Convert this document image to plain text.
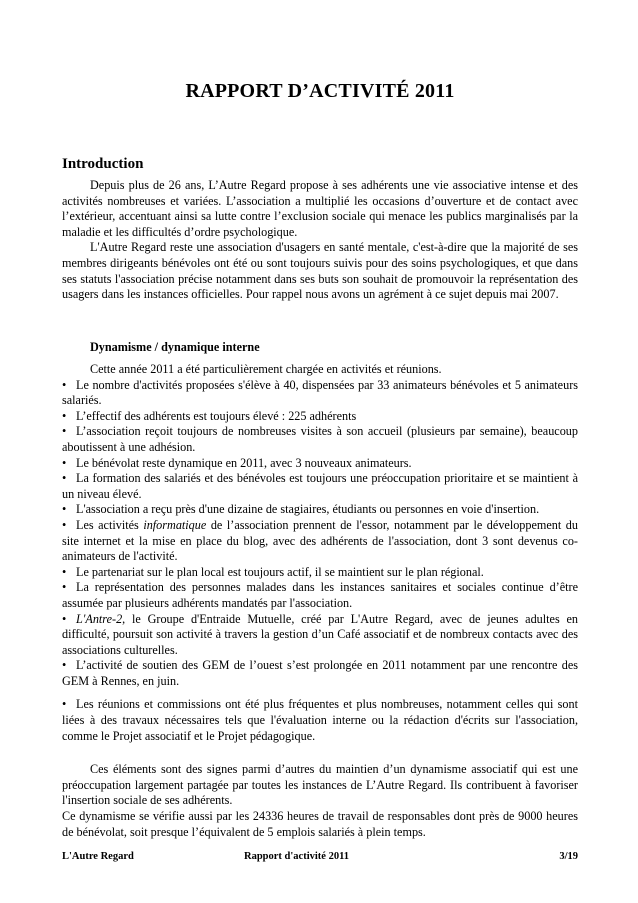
RAPPORT D’ACTIVITÉ 2011
Introduction

Depuis plus de 26 ans, L’Autre Regard propose à ses adhérents une vie associative intense et des activités nombreuses et variées. L’association a multiplié les occasions d’ouverture et de contact avec l’extérieur, accentuant ainsi sa lutte contre l’exclusion sociale qui menace les publics marginalisés par la maladie et les difficultés d’ordre psychologique.

L'Autre Regard reste une association d'usagers en santé mentale, c'est-à-dire que la majorité de ses membres dirigeants bénévoles ont été ou sont toujours suivis pour des soins psychologiques, et que dans ses statuts l'association précise notamment dans ses buts son souhait de promouvoir la représentation des usagers dans les instances officielles. Pour rappel nous avons un agrément à ce sujet depuis mai 2007.

Dynamisme / dynamique interne

Cette année 2011 a été particulièrement chargée en activités et réunions.

• Le nombre d'activités proposées s'élève à 40, dispensées par 33 animateurs bénévoles et 5 animateurs salariés.

• L’effectif des adhérents est toujours élevé : 225 adhérents

• L’association reçoit toujours de nombreuses visites à son accueil (plusieurs par semaine), beaucoup aboutissent à une adhésion.

• Le bénévolat reste dynamique en 2011, avec 3 nouveaux animateurs.

• La formation des salariés et des bénévoles est toujours une préoccupation prioritaire et se maintient à un niveau élevé.

• L'association a reçu près d'une dizaine de stagiaires, étudiants ou personnes en voie d'insertion.

• Les activités informatique de l’association prennent de l'essor, notamment par le développement du site internet et la mise en place du blog, avec des adhérents de l'association, dont 3 sont devenus co-animateurs de l'activité.

• Le partenariat sur le plan local est toujours actif, il se maintient sur le plan régional.

• La représentation des personnes malades dans les instances sanitaires et sociales continue d’être assumée par plusieurs adhérents mandatés par l'association.

• L'Antre-2, le Groupe d'Entraide Mutuelle, créé par L'Autre Regard, avec de jeunes adultes en difficulté, poursuit son activité à travers la gestion d’un Café associatif et de nombreux contacts avec des associations culturelles.

• L’activité de soutien des GEM de l’ouest s’est prolongée en 2011 notamment par une rencontre des GEM à Rennes, en juin.

• Les réunions et commissions ont été plus fréquentes et plus nombreuses, notamment celles qui sont liées à des travaux nécessaires tels que l'évaluation interne ou la rédaction d'écrits sur l'association, comme le Projet associatif et le Projet pédagogique.

Ces éléments sont des signes parmi d’autres du maintien d’un dynamisme associatif qui est une préoccupation largement partagée par toutes les instances de L’Autre Regard. Ils contribuent à favoriser l'insertion sociale de ses adhérents.

Ce dynamisme se vérifie aussi par les 24336 heures de travail de responsables dont près de 9000 heures de bénévolat, soit presque l’équivalent de 5 emplois salariés à plein temps.

L'Autre Regard	Rapport d'activité 2011	3/19
